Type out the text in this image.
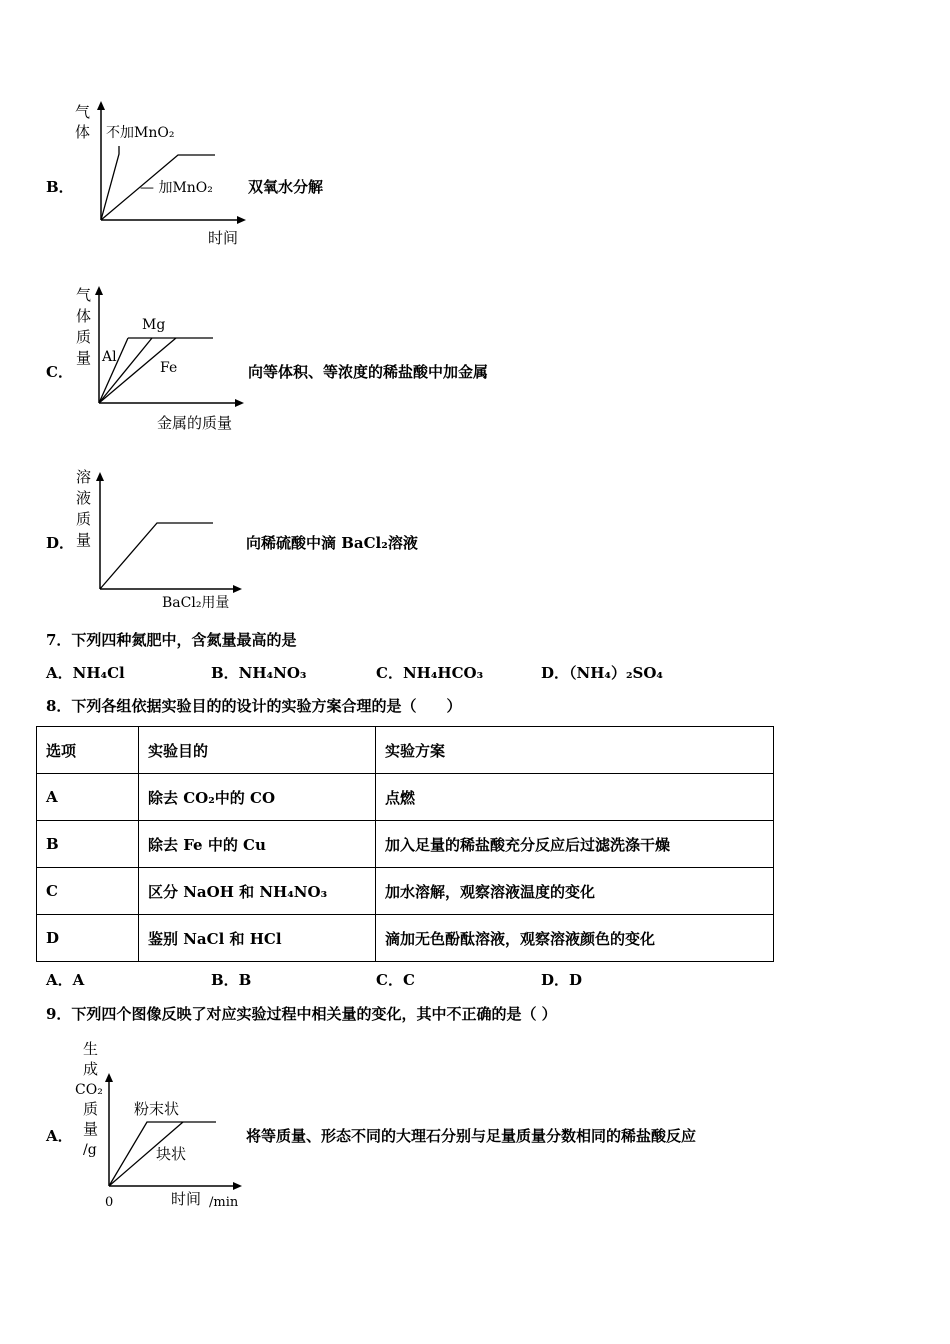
B．
气
体 不加MnO₂
— 加MnO₂
时间
双氧水分解
C．
气
体
质
量
Mg
Al
Fe
金属的质量
向等体积、等浓度的稀盐酸中加金属
D．
溶
液
质
量
BaCl₂用量
向稀硫酸中滴 BaCl₂溶液
7．下列四种氮肥中，含氮量最高的是
A．NH₄Cl	B．NH₄NO₃	C．NH₄HCO₃	D．（NH₄）₂SO₄
8．下列各组依据实验目的的设计的实验方案合理的是（　　）
选项	实验目的	实验方案
A	除去 CO₂中的 CO	点燃
B	除去 Fe 中的 Cu	加入足量的稀盐酸充分反应后过滤洗涤干燥
C	区分 NaOH 和 NH₄NO₃	加水溶解，观察溶液温度的变化
D	鉴别 NaCl 和 HCl	滴加无色酚酞溶液，观察溶液颜色的变化
A．A	B．B	C．C	D．D
9．下列四个图像反映了对应实验过程中相关量的变化，其中不正确的是（ ）
A．
生
成
CO₂
质
量
/g
粉末状
块状
0	时间 /min
将等质量、形态不同的大理石分别与足量质量分数相同的稀盐酸反应
